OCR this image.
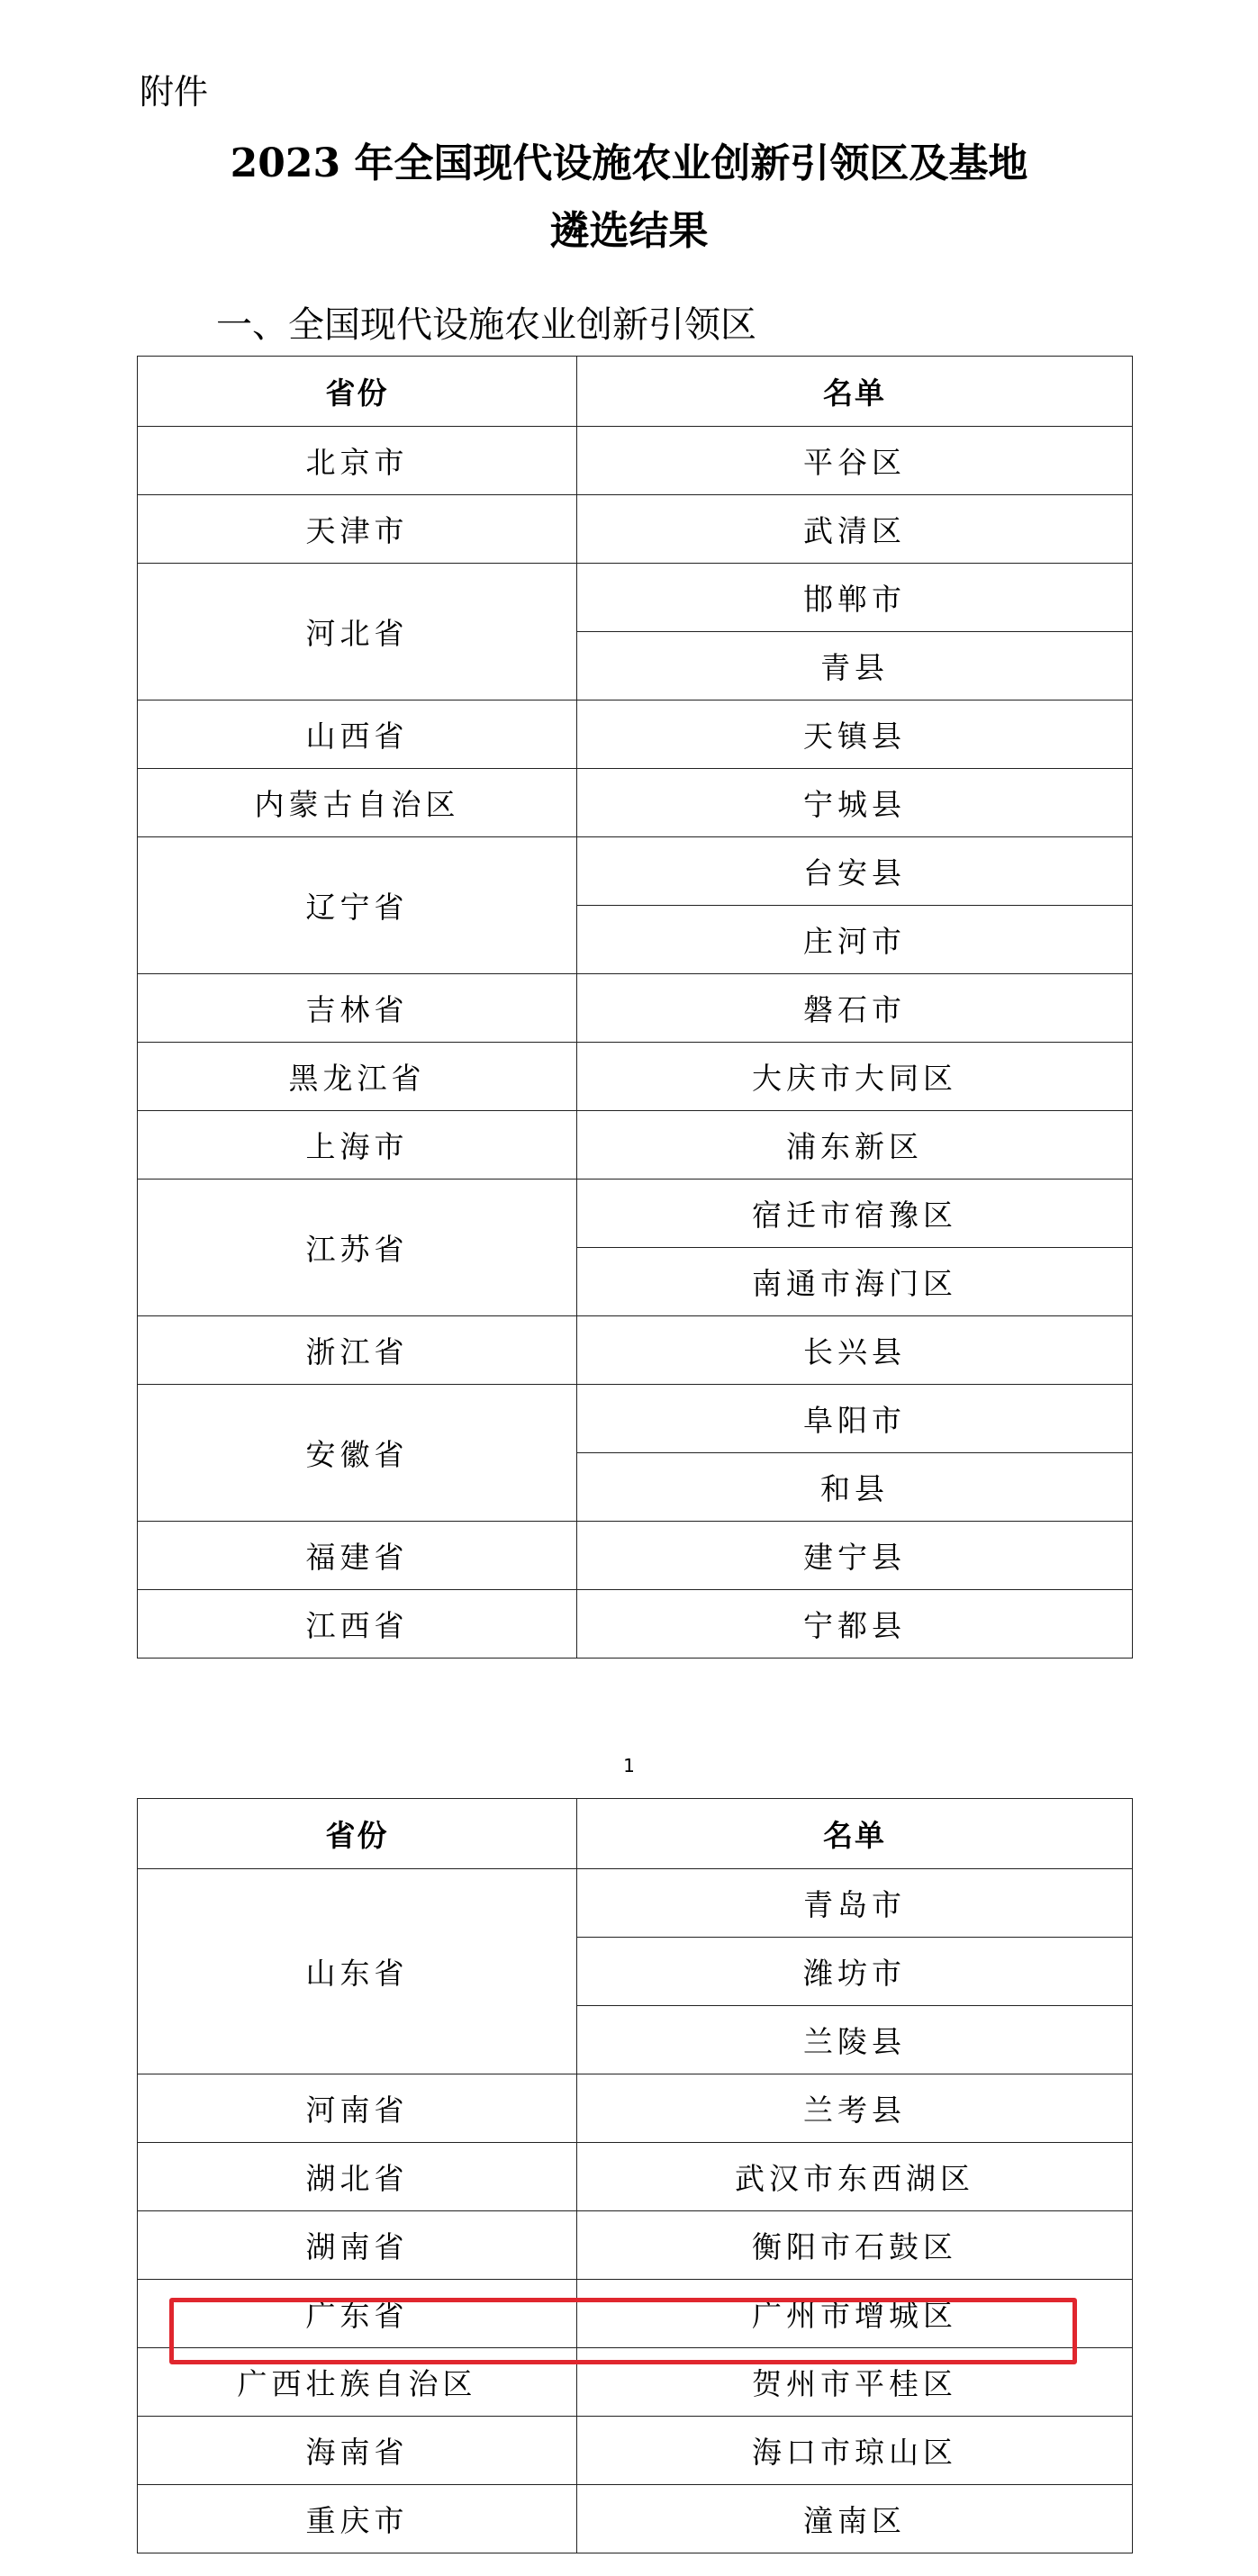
附件
2023 年全国现代设施农业创新引领区及基地
遴选结果
一、全国现代设施农业创新引领区
省份	名单
北京市	平谷区
天津市	武清区
河北省	邯郸市
	青县
山西省	天镇县
内蒙古自治区	宁城县
辽宁省	台安县
	庄河市
吉林省	磐石市
黑龙江省	大庆市大同区
上海市	浦东新区
江苏省	宿迁市宿豫区
	南通市海门区
浙江省	长兴县
安徽省	阜阳市
	和县
福建省	建宁县
江西省	宁都县
1
省份	名单
山东省	青岛市
	潍坊市
	兰陵县
河南省	兰考县
湖北省	武汉市东西湖区
湖南省	衡阳市石鼓区
广东省	广州市增城区
广西壮族自治区	贺州市平桂区
海南省	海口市琼山区
重庆市	潼南区
